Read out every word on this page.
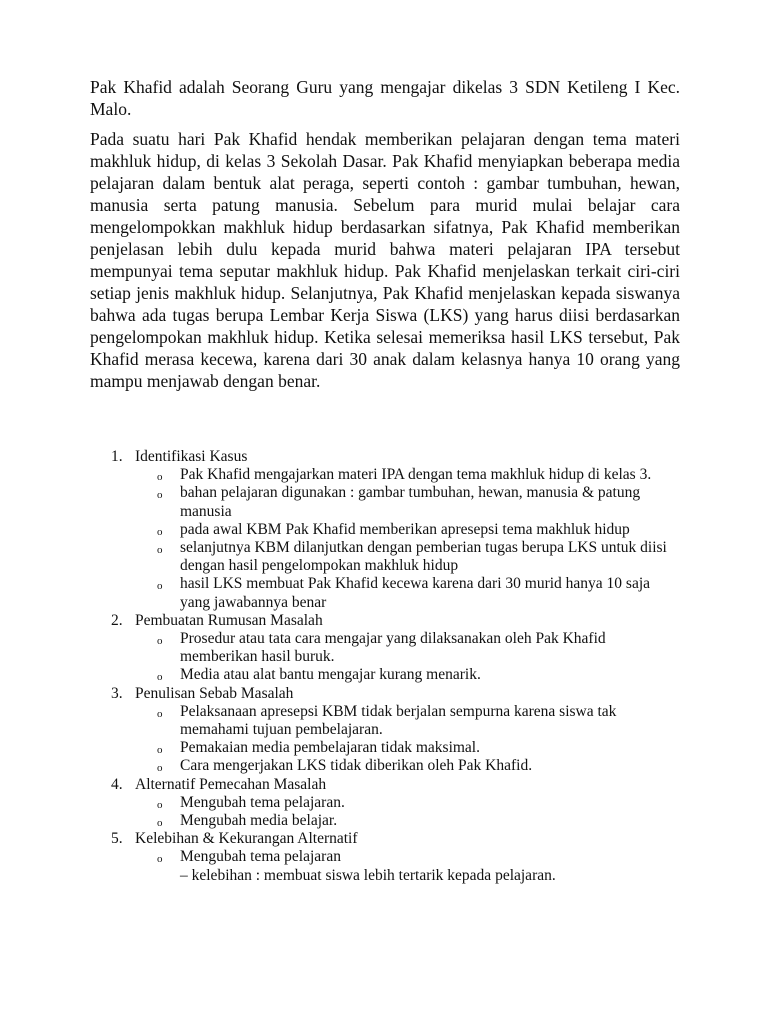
Pak Khafid adalah Seorang Guru yang mengajar dikelas 3 SDN Ketileng I Kec. Malo.

Pada suatu hari Pak Khafid hendak memberikan pelajaran dengan tema materi makhluk hidup, di kelas 3 Sekolah Dasar. Pak Khafid menyiapkan beberapa media pelajaran dalam bentuk alat peraga, seperti contoh : gambar tumbuhan, hewan, manusia serta patung manusia. Sebelum para murid mulai belajar cara mengelompokkan makhluk hidup berdasarkan sifatnya, Pak Khafid memberikan penjelasan lebih dulu kepada murid bahwa materi pelajaran IPA tersebut mempunyai tema seputar makhluk hidup. Pak Khafid menjelaskan terkait ciri-ciri setiap jenis makhluk hidup. Selanjutnya, Pak Khafid menjelaskan kepada siswanya bahwa ada tugas berupa Lembar Kerja Siswa (LKS) yang harus diisi berdasarkan pengelompokan makhluk hidup. Ketika selesai memeriksa hasil LKS tersebut, Pak Khafid merasa kecewa, karena dari 30 anak dalam kelasnya hanya 10 orang yang mampu menjawab dengan benar.

1. Identifikasi Kasus
o Pak Khafid mengajarkan materi IPA dengan tema makhluk hidup di kelas 3.
o bahan pelajaran digunakan : gambar tumbuhan, hewan, manusia & patung manusia
o pada awal KBM Pak Khafid memberikan apresepsi tema makhluk hidup
o selanjutnya KBM dilanjutkan dengan pemberian tugas berupa LKS untuk diisi dengan hasil pengelompokan makhluk hidup
o hasil LKS membuat Pak Khafid kecewa karena dari 30 murid hanya 10 saja yang jawabannya benar
2. Pembuatan Rumusan Masalah
o Prosedur atau tata cara mengajar yang dilaksanakan oleh Pak Khafid memberikan hasil buruk.
o Media atau alat bantu mengajar kurang menarik.
3. Penulisan Sebab Masalah
o Pelaksanaan apresepsi KBM tidak berjalan sempurna karena siswa tak memahami tujuan pembelajaran.
o Pemakaian media pembelajaran tidak maksimal.
o Cara mengerjakan LKS tidak diberikan oleh Pak Khafid.
4. Alternatif Pemecahan Masalah
o Mengubah tema pelajaran.
o Mengubah media belajar.
5. Kelebihan & Kekurangan Alternatif
o Mengubah tema pelajaran
– kelebihan : membuat siswa lebih tertarik kepada pelajaran.
